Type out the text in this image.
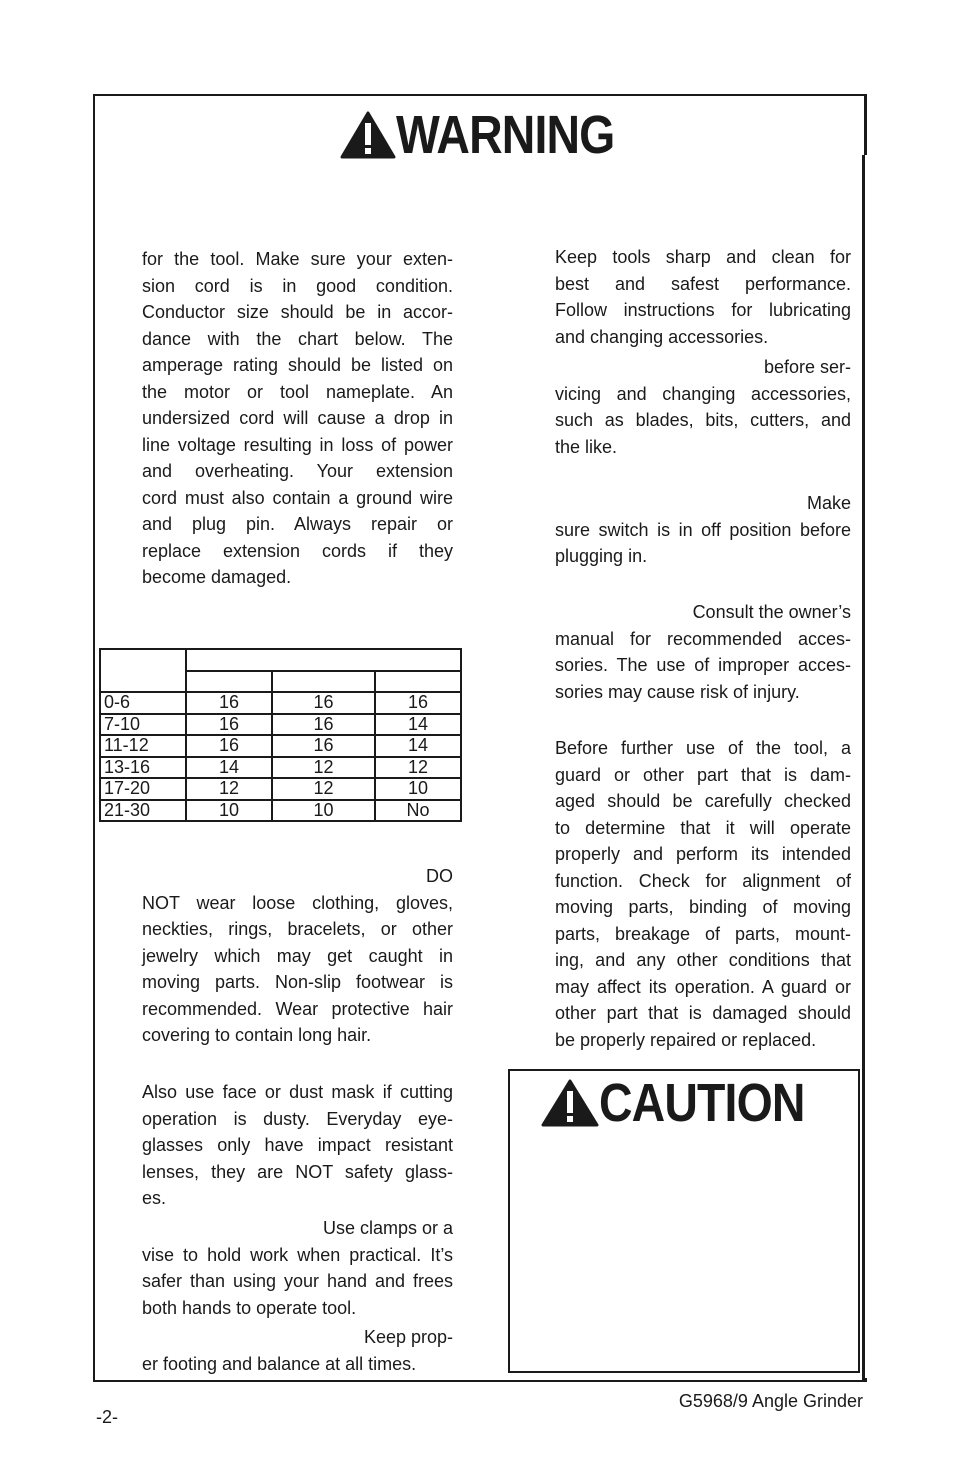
WARNING
for the tool. Make sure your exten-
sion cord is in good condition.
Conductor size should be in accor-
dance with the chart below. The
amperage rating should be listed on
the motor or tool nameplate. An
undersized cord will cause a drop in
line voltage resulting in loss of power
and overheating. Your extension
cord must also contain a ground wire
and plug pin. Always repair or
replace extension cords if they
become damaged.

0-6	16	16	16
7-10	16	16	14
11-12	16	16	14
13-16	14	12	12
17-20	12	12	10
21-30	10	10	No
DO
NOT wear loose clothing, gloves,
neckties, rings, bracelets, or other
jewelry which may get caught in
moving parts. Non-slip footwear is
recommended. Wear protective hair
covering to contain long hair.
Also use face or dust mask if cutting
operation is dusty. Everyday eye-
glasses only have impact resistant
lenses, they are NOT safety glass-
es.
Use clamps or a
vise to hold work when practical. It’s
safer than using your hand and frees
both hands to operate tool.
Keep prop-
er footing and balance at all times.
Keep tools sharp and clean for
best and safest performance.
Follow instructions for lubricating
and changing accessories.
before ser-
vicing and changing accessories,
such as blades, bits, cutters, and
the like.
Make
sure switch is in off position before
plugging in.
Consult the owner’s
manual for recommended acces-
sories. The use of improper acces-
sories may cause risk of injury.
Before further use of the tool, a
guard or other part that is dam-
aged should be carefully checked
to determine that it will operate
properly and perform its intended
function. Check for alignment of
moving parts, binding of moving
parts, breakage of parts, mount-
ing, and any other conditions that
may affect its operation. A guard or
other part that is damaged should
be properly repaired or replaced.
CAUTION
G5968/9 Angle Grinder
-2-
